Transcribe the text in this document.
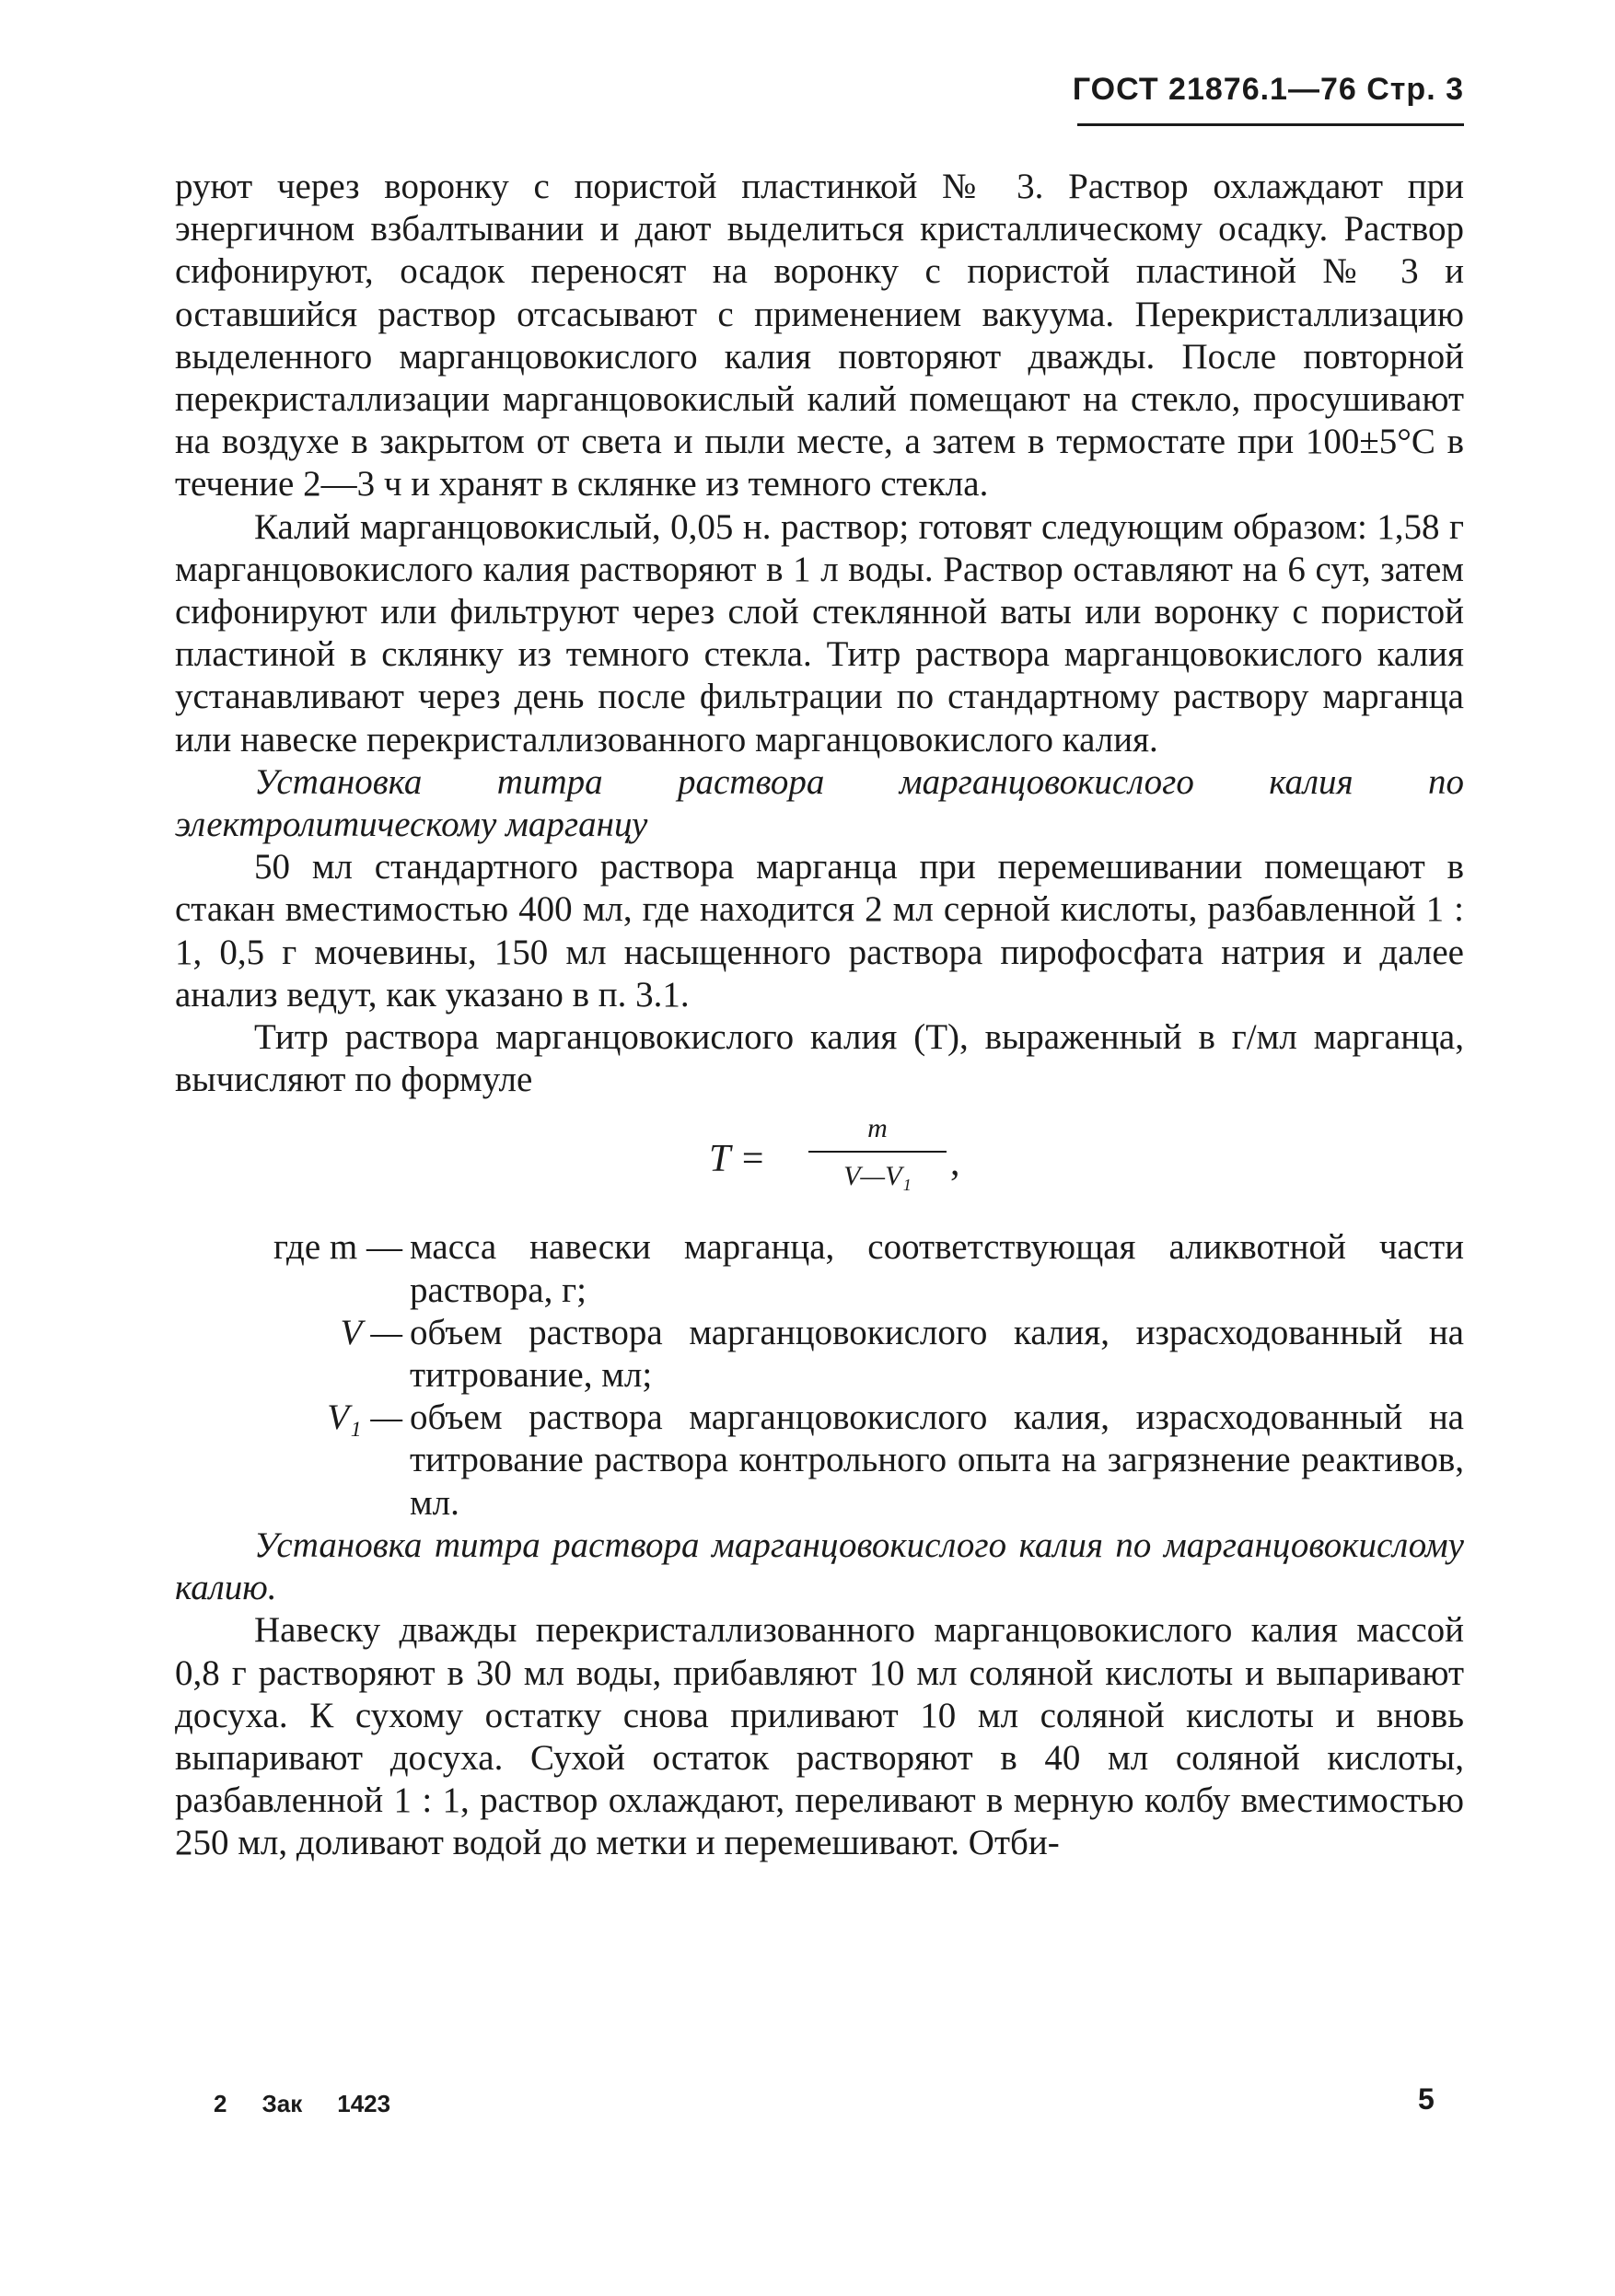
ГОСТ 21876.1—76 Стр. 3

руют через воронку с пористой пластинкой № 3. Раствор охлаждают при энергичном взбалтывании и дают выделиться кристаллическому осадку. Раствор сифонируют, осадок переносят на воронку с пористой пластиной № 3 и оставшийся раствор отсасывают с применением вакуума. Перекристаллизацию выделенного марганцовокислого калия повторяют дважды. После повторной перекристаллизации марганцовокислый калий помещают на стекло, просушивают на воздухе в закрытом от света и пыли месте, а затем в термостате при 100±5°С в течение 2—3 ч и хранят в склянке из темного стекла.

Калий марганцовокислый, 0,05 н. раствор; готовят следующим образом: 1,58 г марганцовокислого калия растворяют в 1 л воды. Раствор оставляют на 6 сут, затем сифонируют или фильтруют через слой стеклянной ваты или воронку с пористой пластиной в склянку из темного стекла. Титр раствора марганцовокислого калия устанавливают через день после фильтрации по стандартному раствору марганца или навеске перекристаллизованного марганцовокислого калия.

Установка титра раствора марганцовокислого калия по электролитическому марганцу

50 мл стандартного раствора марганца при перемешивании помещают в стакан вместимостью 400 мл, где находится 2 мл серной кислоты, разбавленной 1 : 1, 0,5 г мочевины, 150 мл насыщенного раствора пирофосфата натрия и далее анализ ведут, как указано в п. 3.1.

Титр раствора марганцовокислого калия (Т), выраженный в г/мл марганца, вычисляют по формуле

T =
m
V—V₁	,
где m — масса навески марганца, соответствующая аликвотной части раствора, г;
V — объем раствора марганцовокислого калия, израсходованный на титрование, мл;
V₁ — объем раствора марганцовокислого калия, израсходованный на титрование раствора контрольного опыта на загрязнение реактивов, мл.

Установка титра раствора марганцовокислого калия по марганцовокислому калию.

Навеску дважды перекристаллизованного марганцовокислого калия массой 0,8 г растворяют в 30 мл воды, прибавляют 10 мл соляной кислоты и выпаривают досуха. К сухому остатку снова приливают 10 мл соляной кислоты и вновь выпаривают досуха. Сухой остаток растворяют в 40 мл соляной кислоты, разбавленной 1 : 1, раствор охлаждают, переливают в мерную колбу вместимостью 250 мл, доливают водой до метки и перемешивают. Отби-

2 Зак 1423	5
